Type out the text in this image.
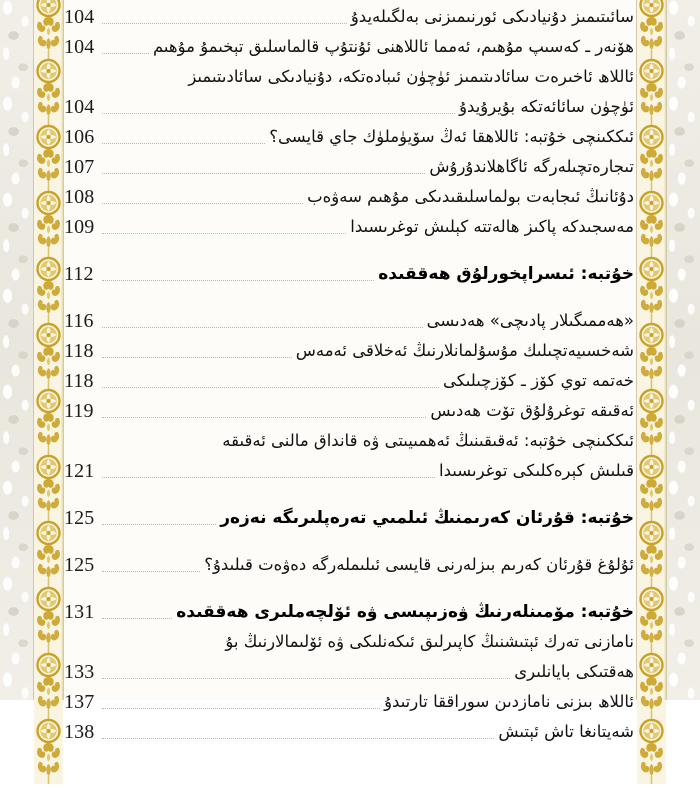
104	سائىتىمىز دۇنيادىكى ئورنىمىزنى بەلگىلەيدۇ
104	ھۆنەر ـ كەسىپ مۇھىم، ئەمما ئاللاھنى ئۇنتۇپ قالماسلىق تېخىمۇ مۇھىم
ئاللاھ ئاخىرەت سائادىتىمىز ئۈچۈن ئىبادەتكە، دۇنيادىكى سائادىتىمىز
104	ئۈچۈن سائائەتكە بۇيرۇيدۇ
106	ئىككىنچى خۇتبە: ئاللاھقا ئەڭ سۆيۈملۈك جاي قايسى؟
107	تىجارەتچىلەرگە ئاگاھلاندۇرۇش
108	دۇئانىڭ ئىجابەت بولماسلىقىدىكى مۇھىم سەۋەب
109	مەسجىدكە پاكىز ھالەتتە كېلىش توغرىسىدا
112	خۇتبە: ئىسراپخورلۇق ھەققىدە
116	«ھەممىگىلار پادىچى» ھەدىسى
118	شەخسىيەتچىلىك مۇسۇلمانلارنىڭ ئەخلاقى ئەمەس
118	خەتمە توي كۆز ـ كۆزچىلىكى
119	ئەقىقە توغرۇلۇق تۆت ھەدىس
ئىككىنچى خۇتبە: ئەقىقىنىڭ ئەھمىيىتى ۋە قانداق مالنى ئەقىقە
121	قىلىش كېرەكلىكى توغرىسىدا
125	خۇتبە: قۇرئان كەرىمنىڭ ئىلمىي تەرەپلىرىگە نەزەر
125	ئۇلۇغ قۇرئان كەرىم بىزلەرنى قايسى ئىلىملەرگە دەۋەت قىلىدۇ؟
131	خۇتبە: مۆمىنلەرنىڭ ۋەزىپىسى ۋە ئۆلچەملىرى ھەققىدە
نامازنى تەرك ئېتىشنىڭ كاپىرلىق ئىكەنلىكى ۋە ئۆلىمالارنىڭ بۇ
133	ھەقتىكى بايانلىرى
137	ئاللاھ بىزنى نامازدىن سوراققا تارتىدۇ
138	شەيتانغا تاش ئېتىش
